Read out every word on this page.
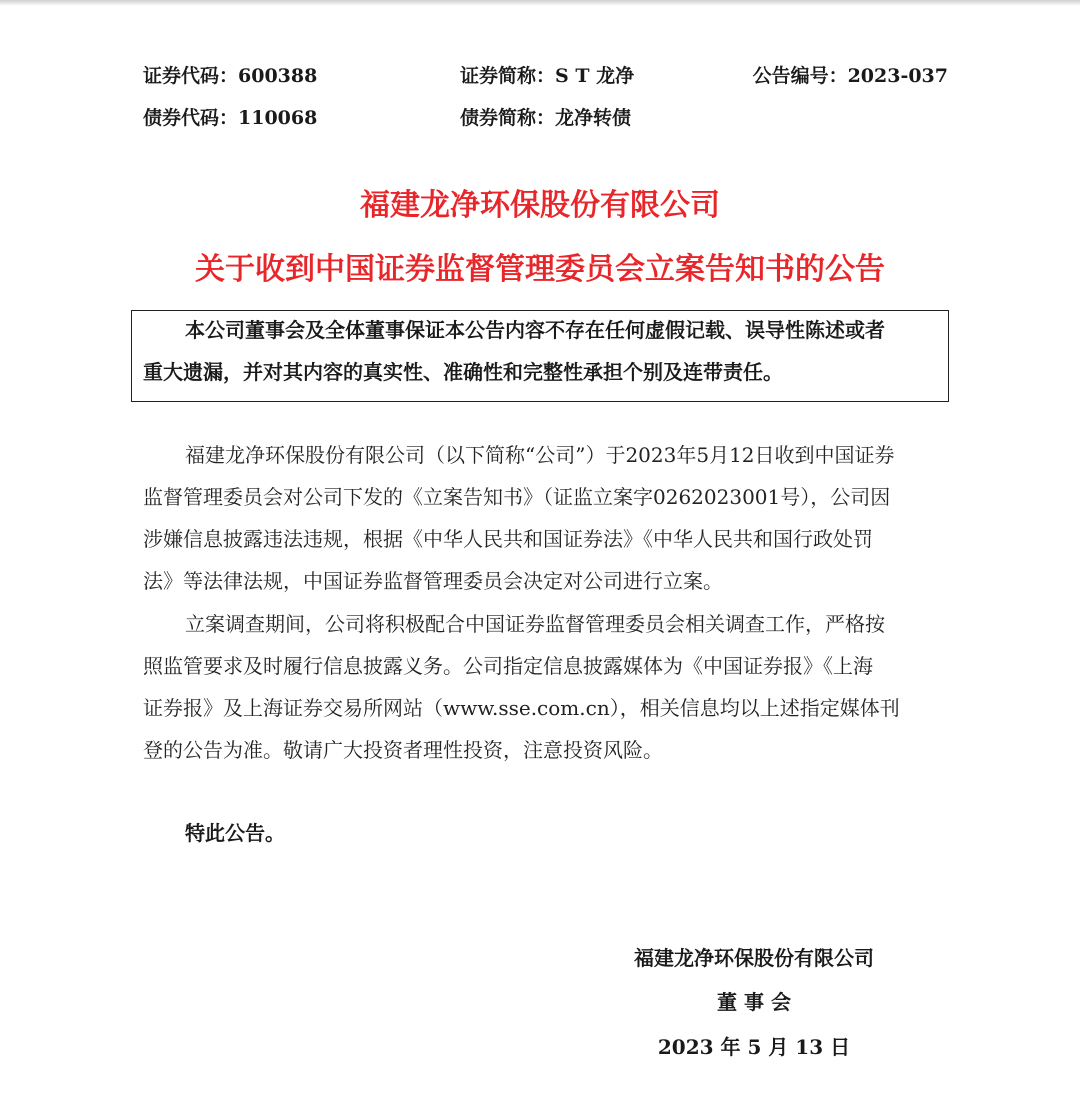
证券代码：600388	证券简称：S T 龙净	公告编号：2023-037
债券代码：110068	债券简称：龙净转债
福建龙净环保股份有限公司
关于收到中国证券监督管理委员会立案告知书的公告
本公司董事会及全体董事保证本公告内容不存在任何虚假记载、误导性陈述或者
重大遗漏，并对其内容的真实性、准确性和完整性承担个别及连带责任。
福建龙净环保股份有限公司（以下简称“公司”）于2023年5月12日收到中国证券
监督管理委员会对公司下发的《立案告知书》（证监立案字0262023001号），公司因
涉嫌信息披露违法违规，根据《中华人民共和国证券法》《中华人民共和国行政处罚
法》等法律法规，中国证券监督管理委员会决定对公司进行立案。
立案调查期间，公司将积极配合中国证券监督管理委员会相关调查工作，严格按
照监管要求及时履行信息披露义务。公司指定信息披露媒体为《中国证券报》《上海
证券报》及上海证券交易所网站（www.sse.com.cn），相关信息均以上述指定媒体刊
登的公告为准。敬请广大投资者理性投资，注意投资风险。
特此公告。
福建龙净环保股份有限公司
董 事 会
2023 年 5 月 13 日
